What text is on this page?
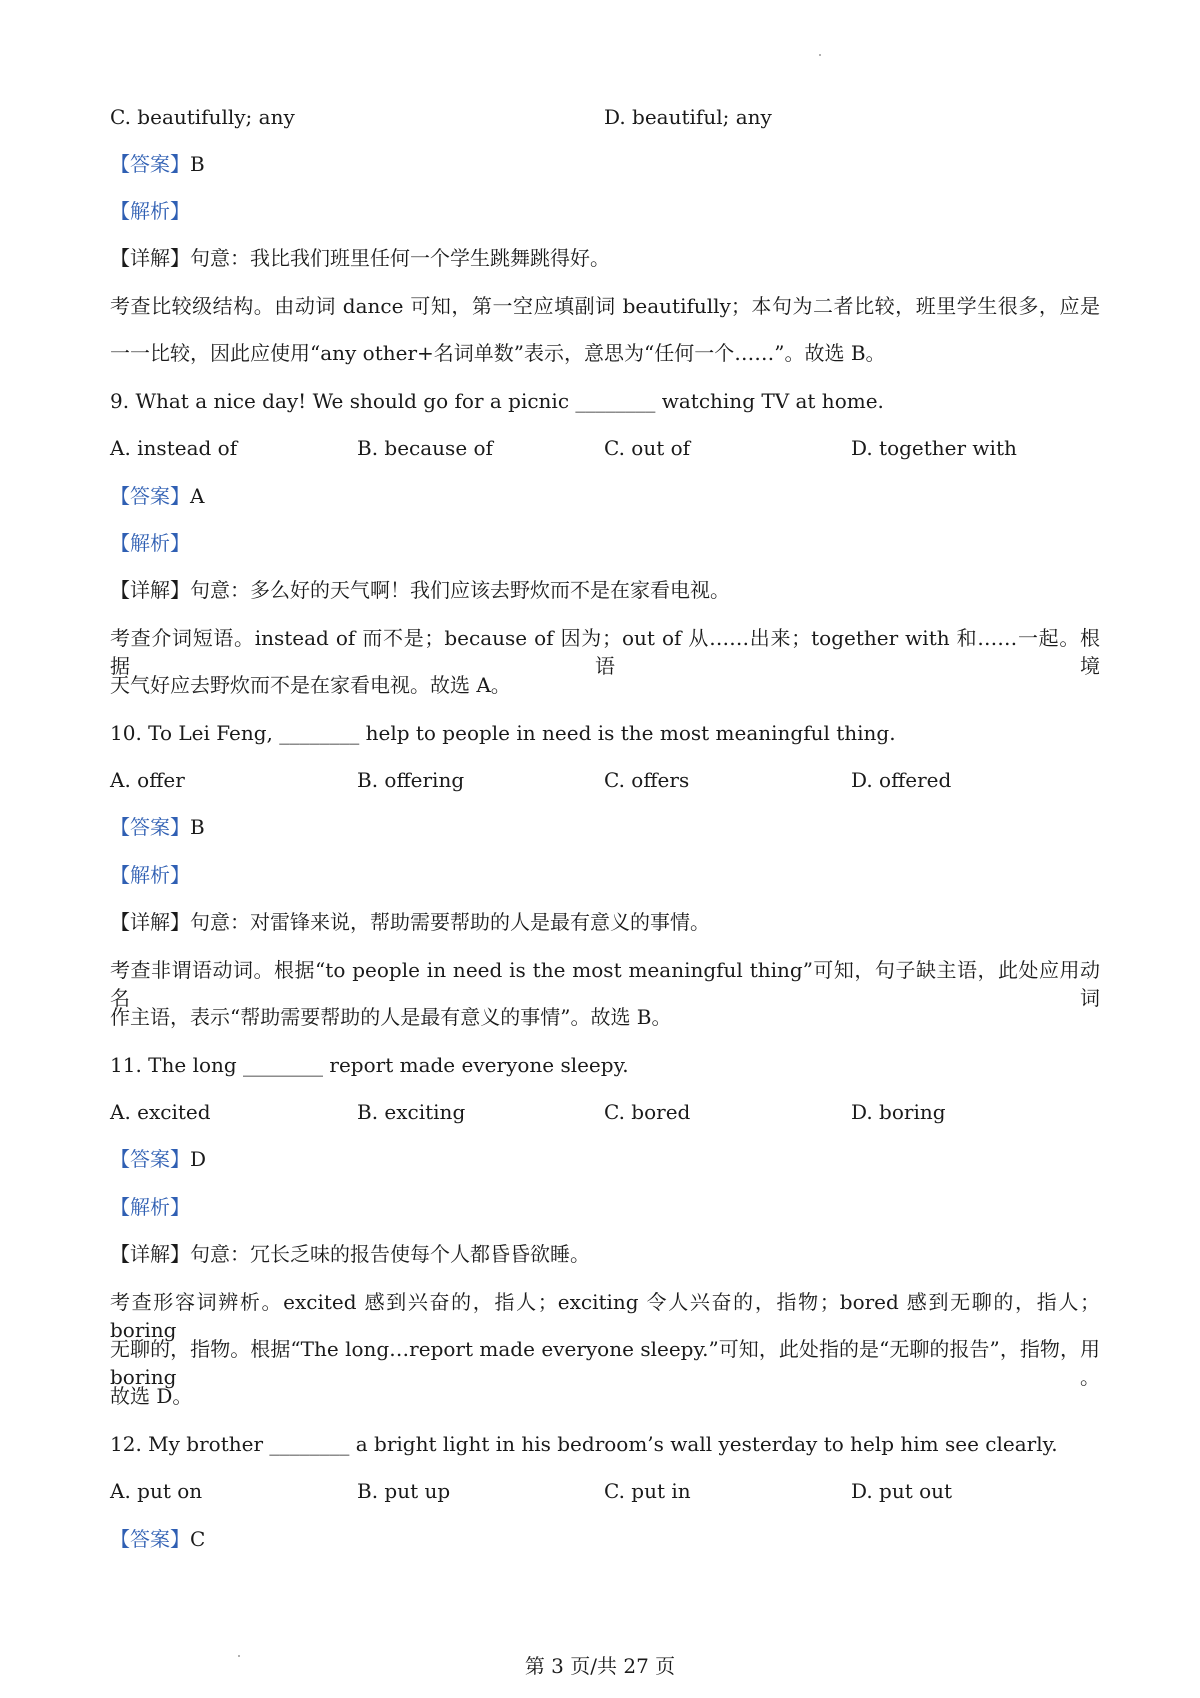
C. beautifully; any	D. beautiful; any
【答案】B
【解析】
【详解】句意：我比我们班里任何一个学生跳舞跳得好。
考查比较级结构。由动词 dance 可知，第一空应填副词 beautifully；本句为二者比较，班里学生很多，应是
一一比较，因此应使用“any other+名词单数”表示，意思为“任何一个……”。故选 B。
9. What a nice day! We should go for a picnic ________ watching TV at home.
A. instead of	B. because of	C. out of	D. together with
【答案】A
【解析】
【详解】句意：多么好的天气啊！我们应该去野炊而不是在家看电视。
考查介词短语。instead of 而不是；because of 因为；out of 从……出来；together with 和……一起。根据语境
天气好应去野炊而不是在家看电视。故选 A。
10. To Lei Feng, ________ help to people in need is the most meaningful thing.
A. offer	B. offering	C. offers	D. offered
【答案】B
【解析】
【详解】句意：对雷锋来说，帮助需要帮助的人是最有意义的事情。
考查非谓语动词。根据“to people in need is the most meaningful thing”可知，句子缺主语，此处应用动名词
作主语，表示“帮助需要帮助的人是最有意义的事情”。故选 B。
11. The long ________ report made everyone sleepy.
A. excited	B. exciting	C. bored	D. boring
【答案】D
【解析】
【详解】句意：冗长乏味的报告使每个人都昏昏欲睡。
考查形容词辨析。excited 感到兴奋的，指人；exciting 令人兴奋的，指物；bored 感到无聊的，指人；boring
无聊的，指物。根据“The long…report made everyone sleepy.”可知，此处指的是“无聊的报告”，指物，用 boring。
故选 D。
12. My brother ________ a bright light in his bedroom’s wall yesterday to help him see clearly.
A. put on	B. put up	C. put in	D. put out
【答案】C
第 3 页/共 27 页
